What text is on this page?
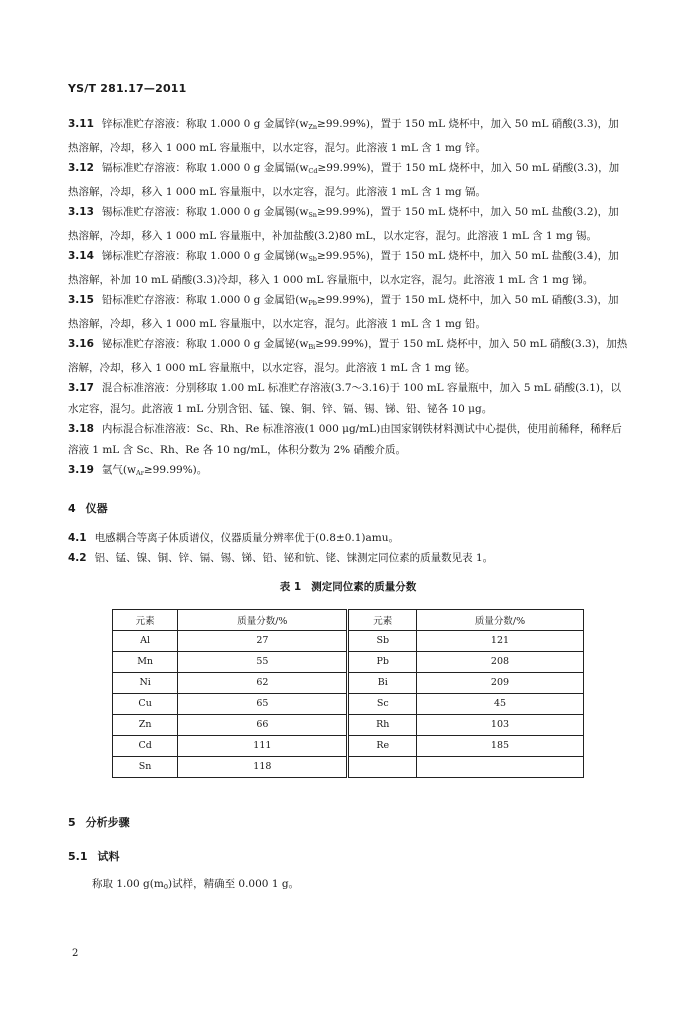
YS/T 281.17—2011

3.11 锌标准贮存溶液：称取 1.000 0 g 金属锌$(w_{Zn}\ge 99.99\%)$，置于 150 mL 烧杯中，加入 50 mL 硝酸(3.3)，加热溶解，冷却，移入 1 000 mL 容量瓶中，以水定容，混匀。此溶液 1 mL 含 1 mg 锌。

3.12 镉标准贮存溶液：称取 1.000 0 g 金属镉$(w_{Cd}\ge 99.99\%)$，置于 150 mL 烧杯中，加入 50 mL 硝酸(3.3)，加热溶解，冷却，移入 1 000 mL 容量瓶中，以水定容，混匀。此溶液 1 mL 含 1 mg 镉。

3.13 锡标准贮存溶液：称取 1.000 0 g 金属锡$(w_{Sn}\ge 99.99\%)$，置于 150 mL 烧杯中，加入 50 mL 盐酸(3.2)，加热溶解，冷却，移入 1 000 mL 容量瓶中，补加盐酸(3.2)80 mL，以水定容，混匀。此溶液 1 mL 含 1 mg 锡。

3.14 锑标准贮存溶液：称取 1.000 0 g 金属锑$(w_{Sb}\ge 99.95\%)$，置于 150 mL 烧杯中，加入 50 mL 盐酸(3.4)，加热溶解，补加 10 mL 硝酸(3.3)冷却，移入 1 000 mL 容量瓶中，以水定容，混匀。此溶液 1 mL 含 1 mg 锑。

3.15 铅标准贮存溶液：称取 1.000 0 g 金属铅$(w_{Pb}\ge 99.99\%)$，置于 150 mL 烧杯中，加入 50 mL 硝酸(3.3)，加热溶解，冷却，移入 1 000 mL 容量瓶中，以水定容，混匀。此溶液 1 mL 含 1 mg 铅。

3.16 铋标准贮存溶液：称取 1.000 0 g 金属铋$(w_{Bi}\ge 99.99\%)$，置于 150 mL 烧杯中，加入 50 mL 硝酸(3.3)，加热溶解，冷却，移入 1 000 mL 容量瓶中，以水定容，混匀。此溶液 1 mL 含 1 mg 铋。

3.17 混合标准溶液：分别移取 1.00 mL 标准贮存溶液(3.7～3.16)于 100 mL 容量瓶中，加入 5 mL 硝酸(3.1)，以水定容，混匀。此溶液 1 mL 分别含铝、锰、镍、铜、锌、镉、锡、锑、铅、铋各 10 μg。

3.18 内标混合标准溶液：Sc、Rh、Re 标准溶液(1 000 μg/mL)由国家钢铁材料测试中心提供，使用前稀释，稀释后溶液 1 mL 含 Sc、Rh、Re 各 10 ng/mL，体积分数为 2% 硝酸介质。

3.19 氩气$(w_{Ar}\ge 99.99\%)$。

4 仪器

4.1 电感耦合等离子体质谱仪，仪器质量分辨率优于(0.8±0.1)amu。

4.2 铝、锰、镍、铜、锌、镉、锡、锑、铅、铋和钪、铑、铼测定同位素的质量数见表 1。

表 1 测定同位素的质量分数

元素	质量分数/%	元素	质量分数/%
Al	27	Sb	121
Mn	55	Pb	208
Ni	62	Bi	209
Cu	65	Sc	45
Zn	66	Rh	103
Cd	111	Re	185
Sn	118		

5 分析步骤

5.1 试料

称取 1.00 $g(m_0)$试样，精确至 0.000 1 g。

2
